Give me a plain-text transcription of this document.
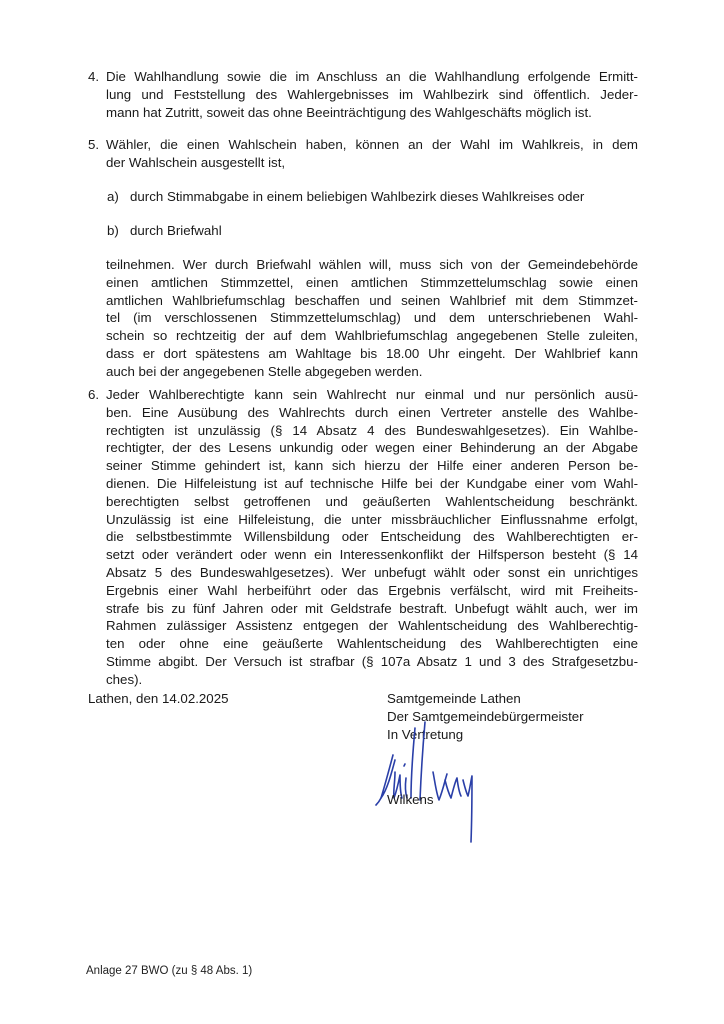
4. Die Wahlhandlung sowie die im Anschluss an die Wahlhandlung erfolgende Ermitt-
lung und Feststellung des Wahlergebnisses im Wahlbezirk sind öffentlich. Jeder-
mann hat Zutritt, soweit das ohne Beeinträchtigung des Wahlgeschäfts möglich ist.
5. Wähler, die einen Wahlschein haben, können an der Wahl im Wahlkreis, in dem
der Wahlschein ausgestellt ist,
a) durch Stimmabgabe in einem beliebigen Wahlbezirk dieses Wahlkreises oder
b) durch Briefwahl
teilnehmen. Wer durch Briefwahl wählen will, muss sich von der Gemeindebehörde
einen amtlichen Stimmzettel, einen amtlichen Stimmzettelumschlag sowie einen
amtlichen Wahlbriefumschlag beschaffen und seinen Wahlbrief mit dem Stimmzet-
tel (im verschlossenen Stimmzettelumschlag) und dem unterschriebenen Wahl-
schein so rechtzeitig der auf dem Wahlbriefumschlag angegebenen Stelle zuleiten,
dass er dort spätestens am Wahltage bis 18.00 Uhr eingeht. Der Wahlbrief kann
auch bei der angegebenen Stelle abgegeben werden.
6. Jeder Wahlberechtigte kann sein Wahlrecht nur einmal und nur persönlich ausü-
ben. Eine Ausübung des Wahlrechts durch einen Vertreter anstelle des Wahlbe-
rechtigten ist unzulässig (§ 14 Absatz 4 des Bundeswahlgesetzes). Ein Wahlbe-
rechtigter, der des Lesens unkundig oder wegen einer Behinderung an der Abgabe
seiner Stimme gehindert ist, kann sich hierzu der Hilfe einer anderen Person be-
dienen. Die Hilfeleistung ist auf technische Hilfe bei der Kundgabe einer vom Wahl-
berechtigten selbst getroffenen und geäußerten Wahlentscheidung beschränkt.
Unzulässig ist eine Hilfeleistung, die unter missbräuchlicher Einflussnahme erfolgt,
die selbstbestimmte Willensbildung oder Entscheidung des Wahlberechtigten er-
setzt oder verändert oder wenn ein Interessenkonflikt der Hilfsperson besteht (§ 14
Absatz 5 des Bundeswahlgesetzes). Wer unbefugt wählt oder sonst ein unrichtiges
Ergebnis einer Wahl herbeiführt oder das Ergebnis verfälscht, wird mit Freiheits-
strafe bis zu fünf Jahren oder mit Geldstrafe bestraft. Unbefugt wählt auch, wer im
Rahmen zulässiger Assistenz entgegen der Wahlentscheidung des Wahlberechtig-
ten oder ohne eine geäußerte Wahlentscheidung des Wahlberechtigten eine
Stimme abgibt. Der Versuch ist strafbar (§ 107a Absatz 1 und 3 des Strafgesetzbu-
ches).
Lathen, den 14.02.2025	Samtgemeinde Lathen
Der Samtgemeindebürgermeister
In Vertretung
Wilkens
Anlage 27 BWO (zu § 48 Abs. 1)
